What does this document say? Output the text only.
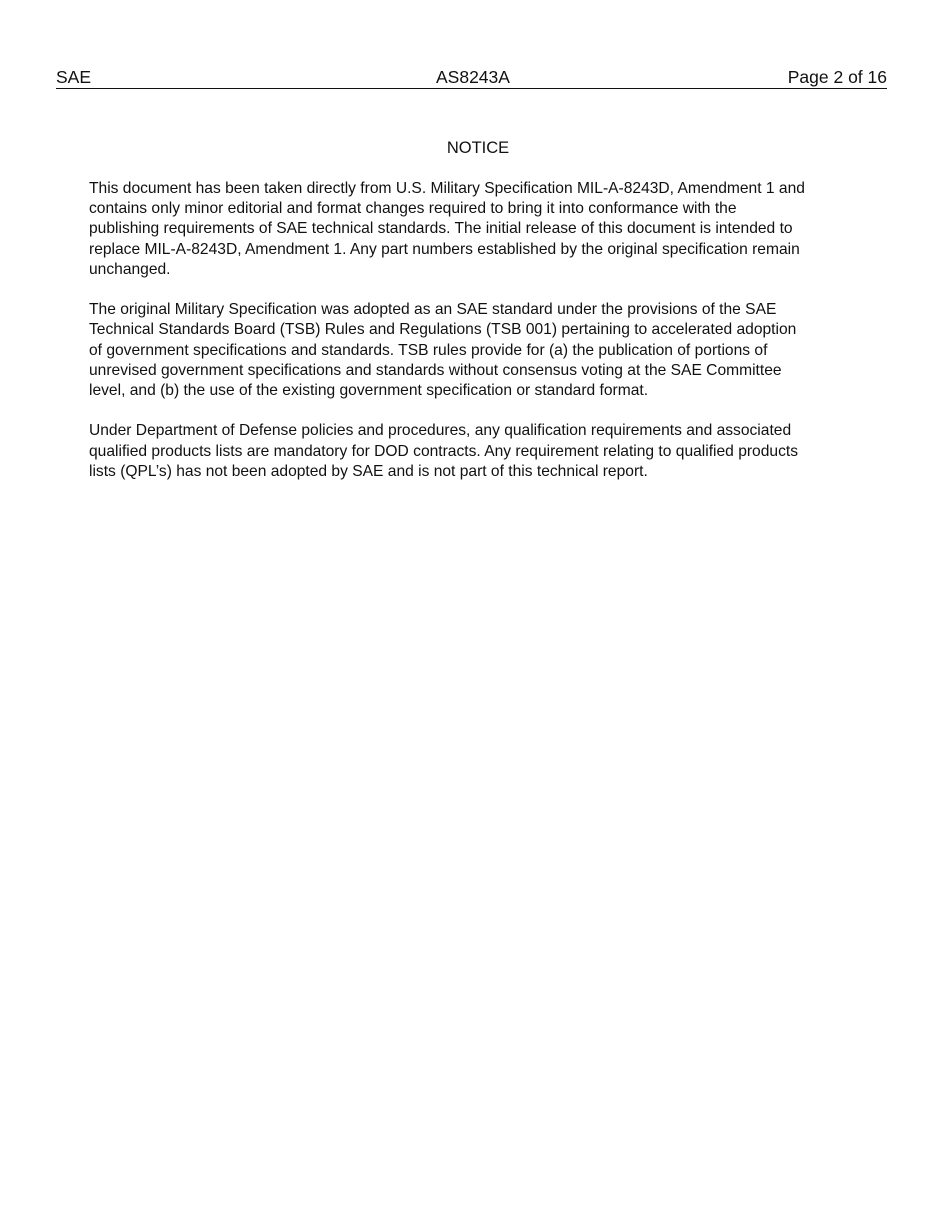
SAE	AS8243A	Page 2 of 16
NOTICE

This document has been taken directly from U.S. Military Specification MIL-A-8243D, Amendment 1 and
contains only minor editorial and format changes required to bring it into conformance with the
publishing requirements of SAE technical standards. The initial release of this document is intended to
replace MIL-A-8243D, Amendment 1. Any part numbers established by the original specification remain
unchanged.

The original Military Specification was adopted as an SAE standard under the provisions of the SAE
Technical Standards Board (TSB) Rules and Regulations (TSB 001) pertaining to accelerated adoption
of government specifications and standards. TSB rules provide for (a) the publication of portions of
unrevised government specifications and standards without consensus voting at the SAE Committee
level, and (b) the use of the existing government specification or standard format.

Under Department of Defense policies and procedures, any qualification requirements and associated
qualified products lists are mandatory for DOD contracts. Any requirement relating to qualified products
lists (QPL’s) has not been adopted by SAE and is not part of this technical report.
